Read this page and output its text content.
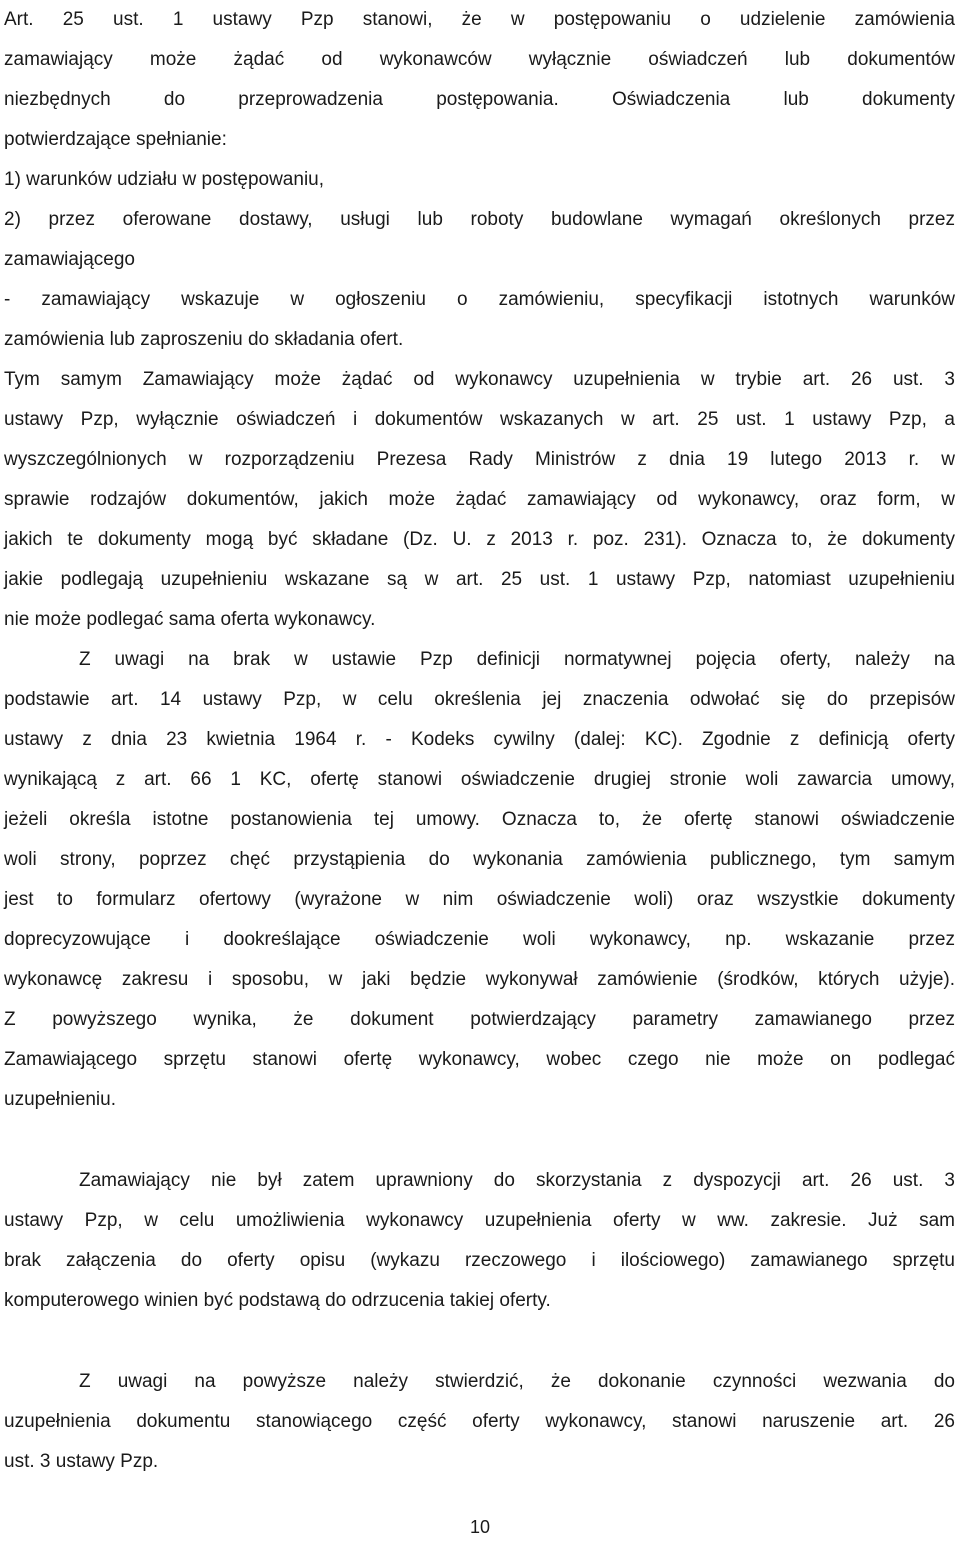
Art. 25 ust. 1 ustawy Pzp stanowi, że w postępowaniu o udzielenie zamówienia
zamawiający może żądać od wykonawców wyłącznie oświadczeń lub dokumentów
niezbędnych do przeprowadzenia postępowania. Oświadczenia lub dokumenty
potwierdzające spełnianie:
1) warunków udziału w postępowaniu,
2) przez oferowane dostawy, usługi lub roboty budowlane wymagań określonych przez
zamawiającego
- zamawiający wskazuje w ogłoszeniu o zamówieniu, specyfikacji istotnych warunków
zamówienia lub zaproszeniu do składania ofert.
Tym samym Zamawiający może żądać od wykonawcy uzupełnienia w trybie art. 26 ust. 3
ustawy Pzp, wyłącznie oświadczeń i dokumentów wskazanych w art. 25 ust. 1 ustawy Pzp, a
wyszczególnionych w rozporządzeniu Prezesa Rady Ministrów z dnia 19 lutego 2013 r. w
sprawie rodzajów dokumentów, jakich może żądać zamawiający od wykonawcy, oraz form, w
jakich te dokumenty mogą być składane (Dz. U. z 2013 r. poz. 231). Oznacza to, że dokumenty
jakie podlegają uzupełnieniu wskazane są w art. 25 ust. 1 ustawy Pzp, natomiast uzupełnieniu
nie może podlegać sama oferta wykonawcy.
Z uwagi na brak w ustawie Pzp definicji normatywnej pojęcia oferty, należy na
podstawie art. 14 ustawy Pzp, w celu określenia jej znaczenia odwołać się do przepisów
ustawy z dnia 23 kwietnia 1964 r. - Kodeks cywilny (dalej: KC). Zgodnie z definicją oferty
wynikającą z art. 66 1 KC, ofertę stanowi oświadczenie drugiej stronie woli zawarcia umowy,
jeżeli określa istotne postanowienia tej umowy. Oznacza to, że ofertę stanowi oświadczenie
woli strony, poprzez chęć przystąpienia do wykonania zamówienia publicznego, tym samym
jest to formularz ofertowy (wyrażone w nim oświadczenie woli) oraz wszystkie dokumenty
doprecyzowujące i dookreślające oświadczenie woli wykonawcy, np. wskazanie przez
wykonawcę zakresu i sposobu, w jaki będzie wykonywał zamówienie (środków, których użyje).
Z powyższego wynika, że dokument potwierdzający parametry zamawianego przez
Zamawiającego sprzętu stanowi ofertę wykonawcy, wobec czego nie może on podlegać
uzupełnieniu.
Zamawiający nie był zatem uprawniony do skorzystania z dyspozycji art. 26 ust. 3
ustawy Pzp, w celu umożliwienia wykonawcy uzupełnienia oferty w ww. zakresie. Już sam
brak załączenia do oferty opisu (wykazu rzeczowego i ilościowego) zamawianego sprzętu
komputerowego winien być podstawą do odrzucenia takiej oferty.
Z uwagi na powyższe należy stwierdzić, że dokonanie czynności wezwania do
uzupełnienia dokumentu stanowiącego część oferty wykonawcy, stanowi naruszenie art. 26
ust. 3 ustawy Pzp.
10
